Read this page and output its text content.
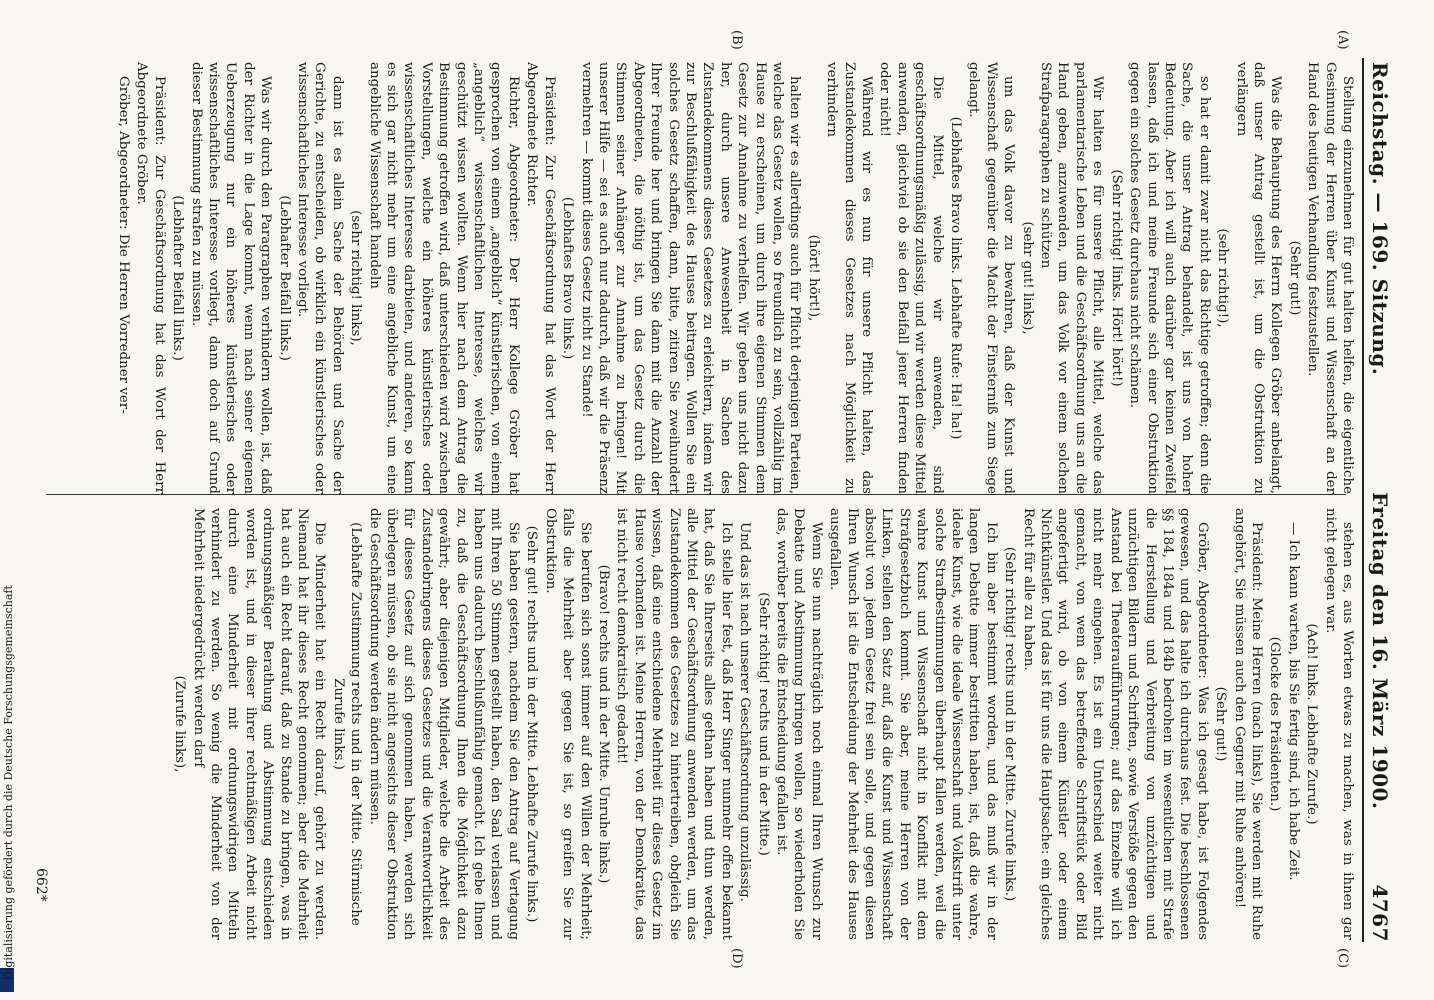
Reichstag. — 169. Sitzung.
Freitag den 16. März 1900.
4767
(A)
(B)
(C)
(D)

Stellung einzunehmen für gut halten helfen, die eigentliche Gesinnung der Herren über Kunst und Wissenschaft an der Hand des heutigen Verhandlung festzustellen.

(Sehr gut!)

Was die Behauptung des Herrn Kollegen Gröber anbelangt, daß unser Antrag gestellt ist, um die Obstruktion zu verlängern

(sehr richtig!),

so hat er damit zwar nicht das Richtige getroffen; denn die Sache, die unser Antrag behandelt, ist uns von hoher Bedeutung. Aber ich will auch darüber gar keinen Zweifel lassen, daß ich und meine Freunde sich einer Obstruktion gegen ein solches Gesetz durchaus nicht schämen.

(Sehr richtig! links. Hört! hört!)

Wir halten es für unsere Pflicht, alle Mittel, welche das parlamentarische Leben und die Geschäftsordnung uns an die Hand geben, anzuwenden, um das Volk vor einem solchen Strafparagraphen zu schützen

(sehr gut! links),

um das Volk davor zu bewahren, daß der Kunst und Wissenschaft gegenüber die Macht der Finsterniß zum Siege gelangt.

(Lebhaftes Bravo links. Lebhafte Rufe: Ha! ha!)

Die Mittel, welche wir anwenden, sind geschäftsordnungsmäßig zulässig, und wir werden diese Mittel anwenden, gleichviel ob sie den Beifall jener Herren finden oder nicht!

Während wir es nun für unsere Pflicht halten, das Zustandekommen dieses Gesetzes nach Möglichkeit zu verhindern

(hört! hört!),

halten wir es allerdings auch für Pflicht derjenigen Parteien, welche das Gesetz wollen, so freundlich zu sein, vollzählig im Hause zu erscheinen, um durch ihre eigenen Stimmen dem Gesetz zur Annahme zu verhelfen. Wir geben uns nicht dazu her, durch unsere Anwesenheit in Sachen des Zustandekommens dieses Gesetzes zu erleichtern, indem wir zur Beschlußfähigkeit des Hauses beitragen. Wollen Sie ein solches Gesetz schaffen, dann, bitte, zitiren Sie zweihundert Ihrer Freunde her und bringen Sie dann mit die Anzahl der Abgeordneten, die nöthig ist, um das Gesetz durch die Stimmen seiner Anhänger zur Annahme zu bringen! Mit unserer Hilfe — sei es auch nur dadurch, daß wir die Präsenz vermehren — kommt dieses Gesetz nicht zu Stande!

(Lebhaftes Bravo links.)

Präsident: Zur Geschäftsordnung hat das Wort der Herr Abgeordnete Richter.

Richter, Abgeordneter: Der Herr Kollege Gröber hat gesprochen von einem „angeblich“ künstlerischen, von einem „angeblich“ wissenschaftlichen Interesse, welches wir geschützt wissen wollten. Wenn hier nach dem Antrag die Bestimmung getroffen wird, daß unterschieden wird zwischen Vorstellungen, welche ein höheres künstlerisches oder wissenschaftliches Interesse darbieten, und anderen, so kann es sich gar nicht mehr um eine angebliche Kunst, um eine angebliche Wissenschaft handeln

(sehr richtig! links),

dann ist es allein Sache der Behörden und Sache der Gerichte, zu entscheiden, ob wirklich ein künstlerisches oder wissenschaftliches Interesse vorliegt.

(Lebhafter Beifall links.)

Was wir durch den Paragraphen verhindern wollen, ist, daß der Richter in die Lage kommt, wenn nach seiner eigenen Ueberzeugung nur ein höheres künstlerisches oder wissenschaftliches Interesse vorliegt, dann doch auf Grund dieser Bestimmung strafen zu müssen.

(Lebhafter Beifall links.)

Präsident: Zur Geschäftsordnung hat das Wort der Herr Abgeordnete Gröber.

Gröber, Abgeordneter: Die Herren Vorredner ver-

stehen es, aus Worten etwas zu machen, was in ihnen gar nicht gelegen war.

(Ach! links. Lebhafte Zurufe.)

— Ich kann warten, bis Sie fertig sind, ich habe Zeit.

(Glocke des Präsidenten.)

Präsident: Meine Herren (nach links), Sie werden mit Ruhe angehört, Sie müssen auch den Gegner mit Ruhe anhören!

(Sehr gut!)

Gröber, Abgeordneter: Was ich gesagt habe, ist Folgendes gewesen, und das halte ich durchaus fest. Die beschlossenen §§ 184, 184a und 184b bedrohen im wesentlichen mit Strafe die Herstellung und Verbreitung von unzüchtigen und unzüchtigen Bildern und Schriften, sowie Verstöße gegen den Anstand bei Theateraufführungen; auf das Einzelne will ich nicht mehr eingehen. Es ist ein Unterschied weiter nicht gemacht, von wem das betreffende Schriftstück oder Bild angefertigt wird, ob von einem Künstler oder einem Nichtkünstler. Und das ist für uns die Hauptsache: ein gleiches Recht für alle zu haben.

(Sehr richtig! rechts und in der Mitte. Zurufe links.)

Ich bin aber bestimmt worden, und das muß wir in der langen Debatte immer bestritten haben, ist, daß die wahre, ideale Kunst, wie die ideale Wissenschaft und Volkstrift unter solche Strafbestimmungen überhaupt fallen werden, weil die wahre Kunst und Wissenschaft nicht in Konflikt mit dem Strafgesetzbuch kommt. Sie aber, meine Herren von der Linken, stellen den Satz auf, daß die Kunst und Wissenschaft absolut von jedem Gesetz frei sein solle, und gegen diesen Ihren Wunsch ist die Entscheidung der Mehrheit des Hauses ausgefallen.

Wenn Sie nun nachträglich noch einmal Ihren Wunsch zur Debatte und Abstimmung bringen wollen, so wiederholen Sie das, worüber bereits die Entscheidung gefallen ist.

(Sehr richtig! rechts und in der Mitte.)

Und das ist nach unserer Geschäftsordnung unzulässig.

Ich stelle hier fest, daß Herr Singer nunmehr offen bekannt hat, daß Sie Ihrerseits alles gethan haben und thun werden, alle Mittel der Geschäftsordnung anwenden werden, um das Zustandekommen des Gesetzes zu hintertreiben, obgleich Sie wissen, daß eine entschiedene Mehrheit für dieses Gesetz im Hause vorhanden ist. Meine Herren, von der Demokratie, das ist nicht recht demokratisch gedacht!

(Bravo! rechts und in der Mitte. Unruhe links.)

Sie berufen sich sonst immer auf den Willen der Mehrheit; falls die Mehrheit aber gegen Sie ist, so greifen Sie zur Obstruktion.

(Sehr gut! rechts und in der Mitte. Lebhafte Zurufe links.)

Sie haben gestern, nachdem Sie den Antrag auf Vertagung mit Ihren 50 Stimmen gestellt haben, den Saal verlassen und haben uns dadurch beschlußunfähig gemacht. Ich gebe Ihnen zu, daß die Geschäftsordnung Ihnen die Möglichkeit dazu gewährt; aber diejenigen Mitglieder, welche die Arbeit des Zustandebringens dieses Gesetzes und die Verantwortlichkeit für dieses Gesetz auf sich genommen haben, werden sich überlegen müssen, ob sie nicht angesichts dieser Obstruktion die Geschäftsordnung werden ändern müssen.

(Lebhafte Zustimmung rechts und in der Mitte. Stürmische Zurufe links.)

Die Minderheit hat ein Recht darauf, gehört zu werden. Niemand hat ihr dieses Recht genommen; aber die Mehrheit hat auch ein Recht darauf, daß zu Stande zu bringen, was in ordnungsmäßiger Berathung und Abstimmung entschieden worden ist, und in dieser ihrer rechtmäßigen Arbeit nicht durch eine Minderheit mit ordnungswidrigen Mitteln verhindert zu werden. So wenig die Minderheit von der Mehrheit niedergedrückt werden darf

(Zurufe links),

662*
Digitalisierung gefördert durch die Deutsche Forschungsgemeinschaft
